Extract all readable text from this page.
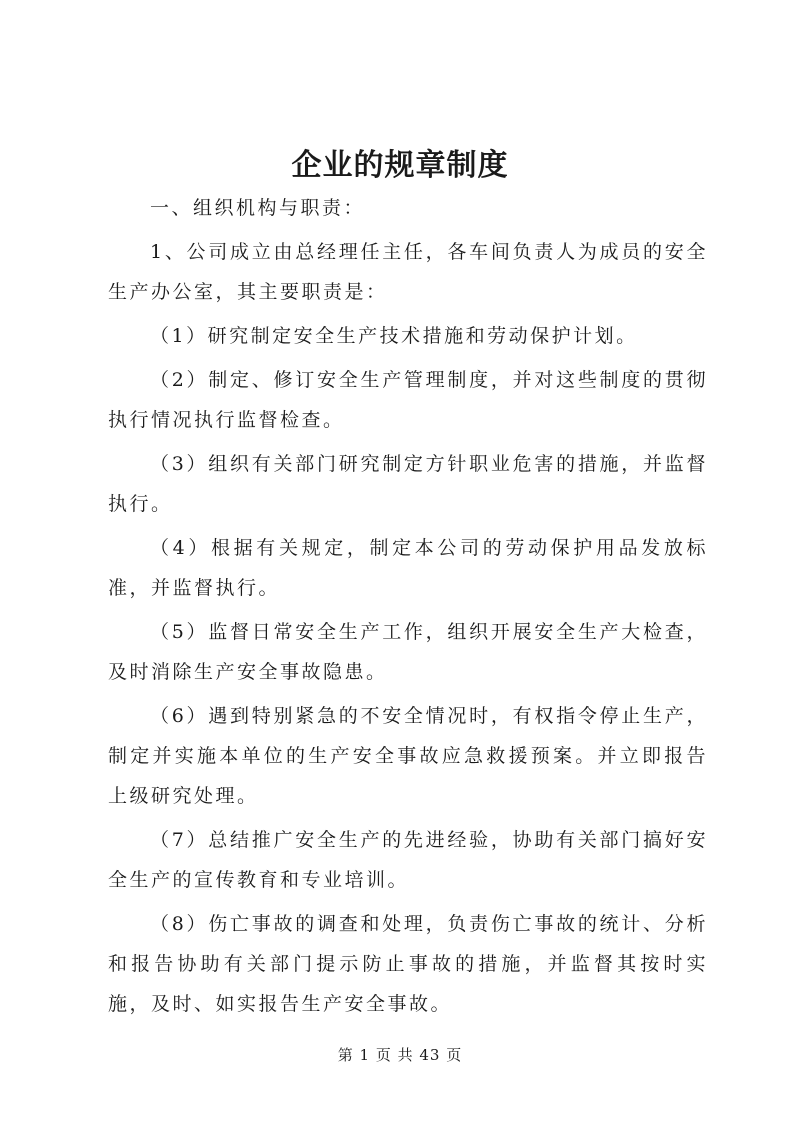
企业的规章制度

一、组织机构与职责：

1、公司成立由总经理任主任，各车间负责人为成员的安全生产办公室，其主要职责是：

（1）研究制定安全生产技术措施和劳动保护计划。

（2）制定、修订安全生产管理制度，并对这些制度的贯彻执行情况执行监督检查。

（3）组织有关部门研究制定方针职业危害的措施，并监督执行。

（4）根据有关规定，制定本公司的劳动保护用品发放标准，并监督执行。

（5）监督日常安全生产工作，组织开展安全生产大检查，及时消除生产安全事故隐患。

（6）遇到特别紧急的不安全情况时，有权指令停止生产，制定并实施本单位的生产安全事故应急救援预案。并立即报告上级研究处理。

（7）总结推广安全生产的先进经验，协助有关部门搞好安全生产的宣传教育和专业培训。

（8）伤亡事故的调查和处理，负责伤亡事故的统计、分析和报告协助有关部门提示防止事故的措施，并监督其按时实施，及时、如实报告生产安全事故。

第 1 页 共 43 页
